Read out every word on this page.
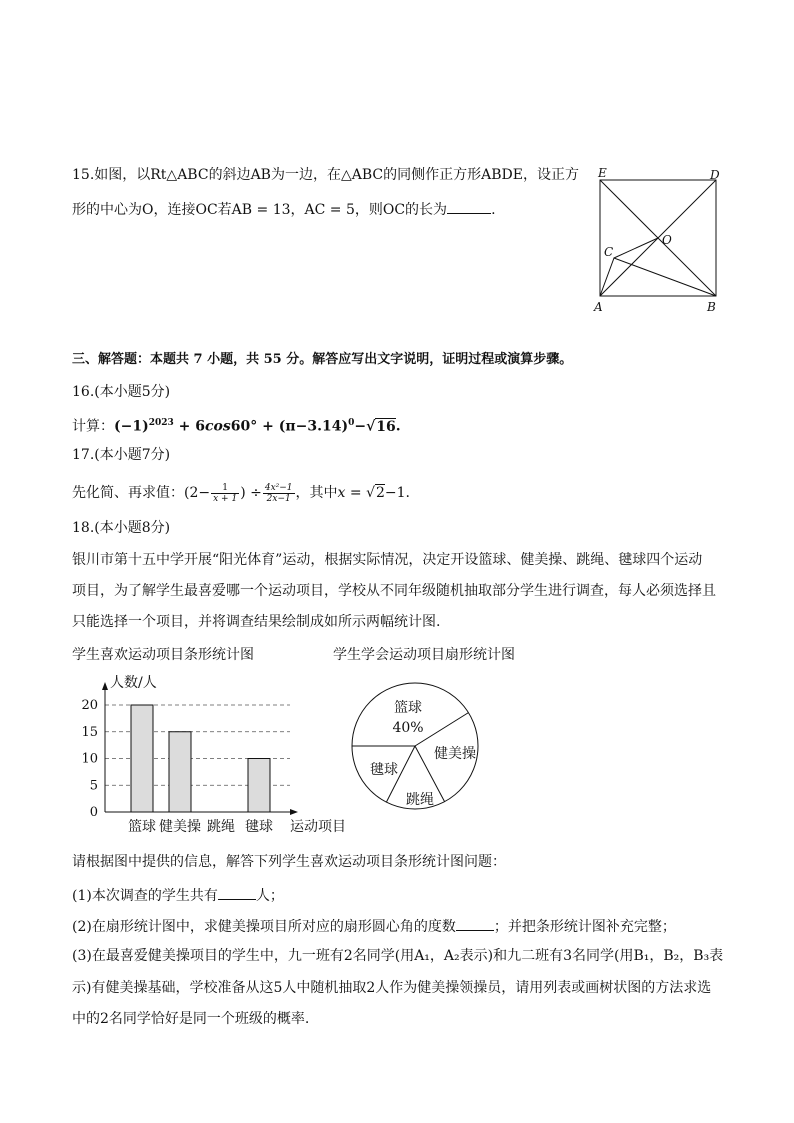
15.如图，以Rt△ABC的斜边AB为一边，在△ABC的同侧作正方形ABDE，设正方
形的中心为O，连接OC若AB = 13，AC = 5，则OC的长为	.
E	D
C
O
A	B
三、解答题：本题共 7 小题，共 55 分。解答应写出文字说明，证明过程或演算步骤。
16.(本小题5分)
计算：$(-1)^{2023} + 6\cos 60^\circ + (\pi-3.14)^0-√16$.
17.(本小题7分)
先化简、再求值：($2- \frac{1}{x + 1}$ ) ÷ $\frac{\text{4x²−1}}{2x-1}$ ，其中x = √2−1.
18.(本小题8分)
银川市第十五中学开展“阳光体育”运动，根据实际情况，决定开设篮球、健美操、跳绳、毽球四个运动
项目，为了解学生最喜爱哪一个运动项目，学校从不同年级随机抽取部分学生进行调查，每人必须选择且
只能选择一个项目，并将调查结果绘制成如所示两幅统计图.
学生喜欢运动项目条形统计图	学生学会运动项目扇形统计图
0
5
10
15
20
人数/人
运动项目
篮球 健美操 跳绳 毽球
篮球
40%
健美操
跳绳
毽球
请根据图中提供的信息，解答下列学生喜欢运动项目条形统计图问题：
(1)本次调查的学生共有	人；
(2)在扇形统计图中，求健美操项目所对应的扇形圆心角的度数	；并把条形统计图补充完整；
(3)在最喜爱健美操项目的学生中，九一班有2名同学(用A₁，A₂表示)和九二班有3名同学(用B₁，B₂，B₃表
示)有健美操基础，学校准备从这5人中随机抽取2人作为健美操领操员，请用列表或画树状图的方法求选
中的2名同学恰好是同一个班级的概率.
